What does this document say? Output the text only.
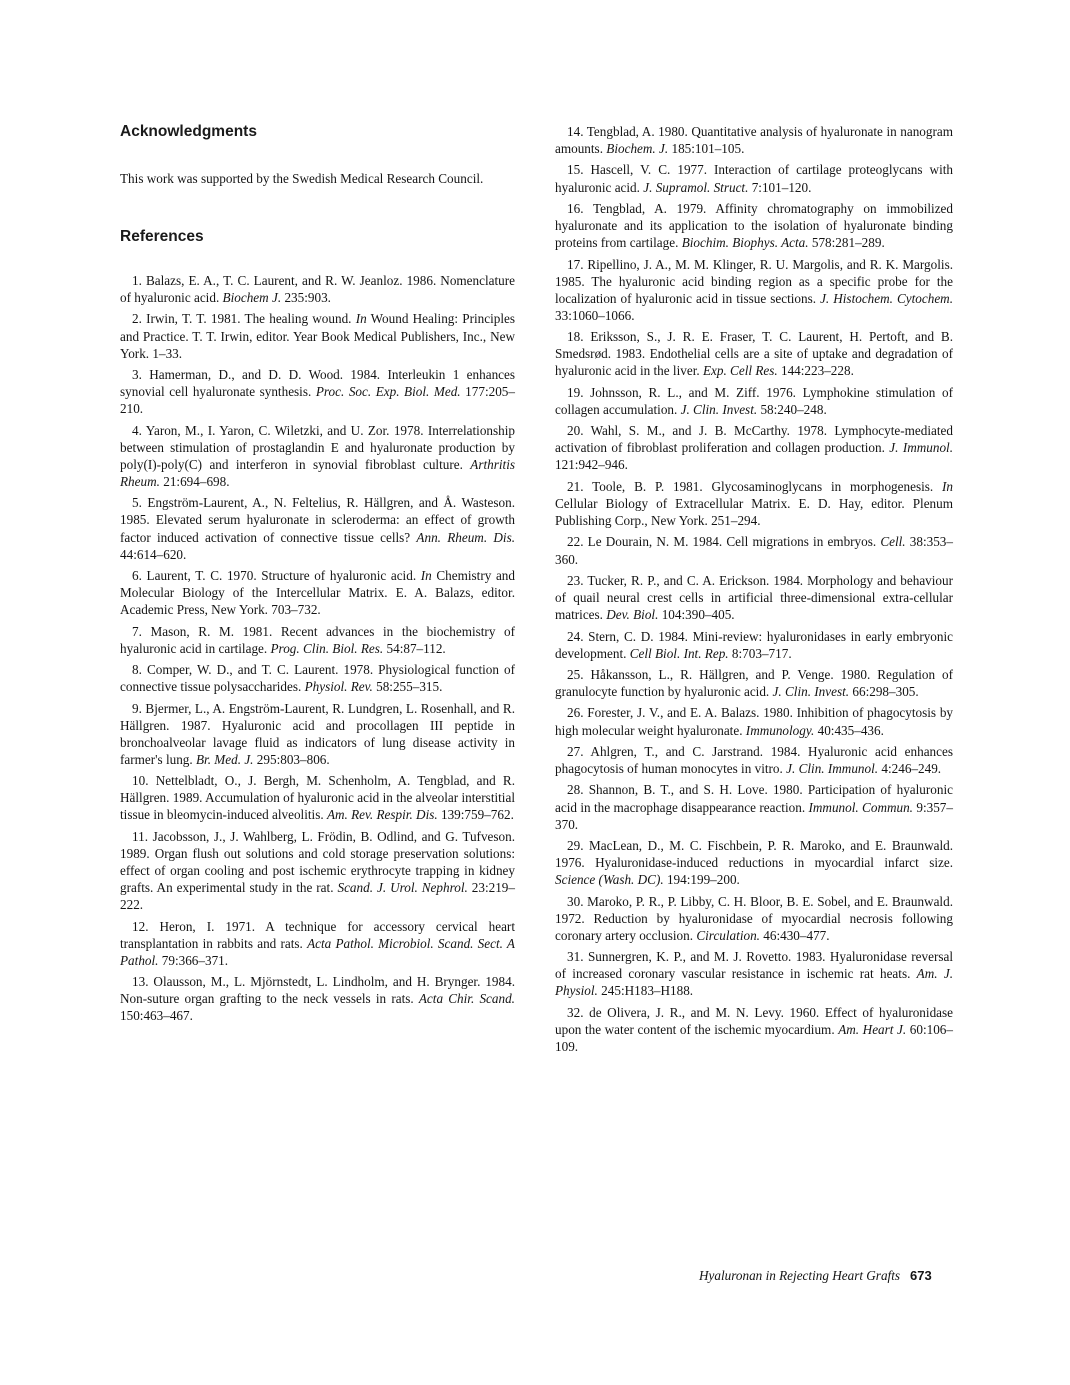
Acknowledgments

This work was supported by the Swedish Medical Research Council.

References
1. Balazs, E. A., T. C. Laurent, and R. W. Jeanloz. 1986. Nomenclature of hyaluronic acid. Biochem J. 235:903.
2. Irwin, T. T. 1981. The healing wound. In Wound Healing: Principles and Practice. T. T. Irwin, editor. Year Book Medical Publishers, Inc., New York. 1–33.
3. Hamerman, D., and D. D. Wood. 1984. Interleukin 1 enhances synovial cell hyaluronate synthesis. Proc. Soc. Exp. Biol. Med. 177:205–210.
4. Yaron, M., I. Yaron, C. Wiletzki, and U. Zor. 1978. Interrelationship between stimulation of prostaglandin E and hyaluronate production by poly(I)-poly(C) and interferon in synovial fibroblast culture. Arthritis Rheum. 21:694–698.
5. Engström-Laurent, A., N. Feltelius, R. Hällgren, and Å. Wasteson. 1985. Elevated serum hyaluronate in scleroderma: an effect of growth factor induced activation of connective tissue cells? Ann. Rheum. Dis. 44:614–620.
6. Laurent, T. C. 1970. Structure of hyaluronic acid. In Chemistry and Molecular Biology of the Intercellular Matrix. E. A. Balazs, editor. Academic Press, New York. 703–732.
7. Mason, R. M. 1981. Recent advances in the biochemistry of hyaluronic acid in cartilage. Prog. Clin. Biol. Res. 54:87–112.
8. Comper, W. D., and T. C. Laurent. 1978. Physiological function of connective tissue polysaccharides. Physiol. Rev. 58:255–315.
9. Bjermer, L., A. Engström-Laurent, R. Lundgren, L. Rosenhall, and R. Hällgren. 1987. Hyaluronic acid and procollagen III peptide in bronchoalveolar lavage fluid as indicators of lung disease activity in farmer's lung. Br. Med. J. 295:803–806.
10. Nettelbladt, O., J. Bergh, M. Schenholm, A. Tengblad, and R. Hällgren. 1989. Accumulation of hyaluronic acid in the alveolar interstitial tissue in bleomycin-induced alveolitis. Am. Rev. Respir. Dis. 139:759–762.
11. Jacobsson, J., J. Wahlberg, L. Frödin, B. Odlind, and G. Tufveson. 1989. Organ flush out solutions and cold storage preservation solutions: effect of organ cooling and post ischemic erythrocyte trapping in kidney grafts. An experimental study in the rat. Scand. J. Urol. Nephrol. 23:219–222.
12. Heron, I. 1971. A technique for accessory cervical heart transplantation in rabbits and rats. Acta Pathol. Microbiol. Scand. Sect. A Pathol. 79:366–371.
13. Olausson, M., L. Mjörnstedt, L. Lindholm, and H. Brynger. 1984. Non-suture organ grafting to the neck vessels in rats. Acta Chir. Scand. 150:463–467.
14. Tengblad, A. 1980. Quantitative analysis of hyaluronate in nanogram amounts. Biochem. J. 185:101–105.
15. Hascell, V. C. 1977. Interaction of cartilage proteoglycans with hyaluronic acid. J. Supramol. Struct. 7:101–120.
16. Tengblad, A. 1979. Affinity chromatography on immobilized hyaluronate and its application to the isolation of hyaluronate binding proteins from cartilage. Biochim. Biophys. Acta. 578:281–289.
17. Ripellino, J. A., M. M. Klinger, R. U. Margolis, and R. K. Margolis. 1985. The hyaluronic acid binding region as a specific probe for the localization of hyaluronic acid in tissue sections. J. Histochem. Cytochem. 33:1060–1066.
18. Eriksson, S., J. R. E. Fraser, T. C. Laurent, H. Pertoft, and B. Smedsrød. 1983. Endothelial cells are a site of uptake and degradation of hyaluronic acid in the liver. Exp. Cell Res. 144:223–228.
19. Johnsson, R. L., and M. Ziff. 1976. Lymphokine stimulation of collagen accumulation. J. Clin. Invest. 58:240–248.
20. Wahl, S. M., and J. B. McCarthy. 1978. Lymphocyte-mediated activation of fibroblast proliferation and collagen production. J. Immunol. 121:942–946.
21. Toole, B. P. 1981. Glycosaminoglycans in morphogenesis. In Cellular Biology of Extracellular Matrix. E. D. Hay, editor. Plenum Publishing Corp., New York. 251–294.
22. Le Dourain, N. M. 1984. Cell migrations in embryos. Cell. 38:353–360.
23. Tucker, R. P., and C. A. Erickson. 1984. Morphology and behaviour of quail neural crest cells in artificial three-dimensional extra-cellular matrices. Dev. Biol. 104:390–405.
24. Stern, C. D. 1984. Mini-review: hyaluronidases in early embryonic development. Cell Biol. Int. Rep. 8:703–717.
25. Håkansson, L., R. Hällgren, and P. Venge. 1980. Regulation of granulocyte function by hyaluronic acid. J. Clin. Invest. 66:298–305.
26. Forester, J. V., and E. A. Balazs. 1980. Inhibition of phagocytosis by high molecular weight hyaluronate. Immunology. 40:435–436.
27. Ahlgren, T., and C. Jarstrand. 1984. Hyaluronic acid enhances phagocytosis of human monocytes in vitro. J. Clin. Immunol. 4:246–249.
28. Shannon, B. T., and S. H. Love. 1980. Participation of hyaluronic acid in the macrophage disappearance reaction. Immunol. Commun. 9:357–370.
29. MacLean, D., M. C. Fischbein, P. R. Maroko, and E. Braunwald. 1976. Hyaluronidase-induced reductions in myocardial infarct size. Science (Wash. DC). 194:199–200.
30. Maroko, P. R., P. Libby, C. H. Bloor, B. E. Sobel, and E. Braunwald. 1972. Reduction by hyaluronidase of myocardial necrosis following coronary artery occlusion. Circulation. 46:430–477.
31. Sunnergren, K. P., and M. J. Rovetto. 1983. Hyaluronidase reversal of increased coronary vascular resistance in ischemic rat heats. Am. J. Physiol. 245:H183–H188.
32. de Olivera, J. R., and M. N. Levy. 1960. Effect of hyaluronidase upon the water content of the ischemic myocardium. Am. Heart J. 60:106–109.

Hyaluronan in Rejecting Heart Grafts 673
